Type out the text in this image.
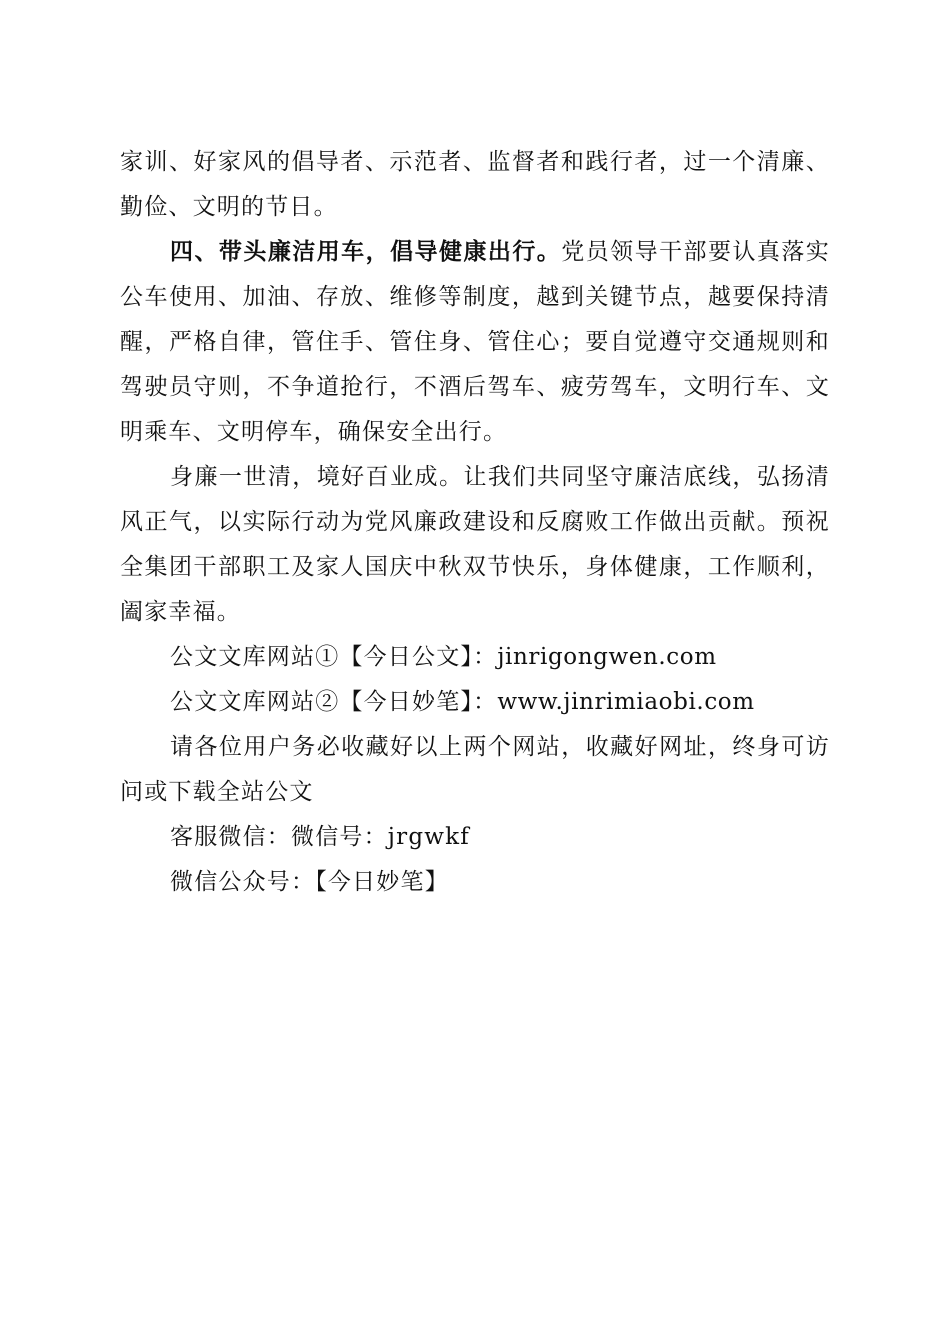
家训、好家风的倡导者、示范者、监督者和践行者，过一个清廉、勤俭、文明的节日。

四、带头廉洁用车，倡导健康出行。党员领导干部要认真落实公车使用、加油、存放、维修等制度，越到关键节点，越要保持清醒，严格自律，管住手、管住身、管住心；要自觉遵守交通规则和驾驶员守则，不争道抢行，不酒后驾车、疲劳驾车，文明行车、文明乘车、文明停车，确保安全出行。

身廉一世清，境好百业成。让我们共同坚守廉洁底线，弘扬清风正气，以实际行动为党风廉政建设和反腐败工作做出贡献。预祝全集团干部职工及家人国庆中秋双节快乐，身体健康，工作顺利，阖家幸福。

公文文库网站①【今日公文】：jinrigongwen.com

公文文库网站②【今日妙笔】：www.jinrimiaobi.com

请各位用户务必收藏好以上两个网站，收藏好网址，终身可访问或下载全站公文

客服微信：微信号：jrgwkf

微信公众号：【今日妙笔】
